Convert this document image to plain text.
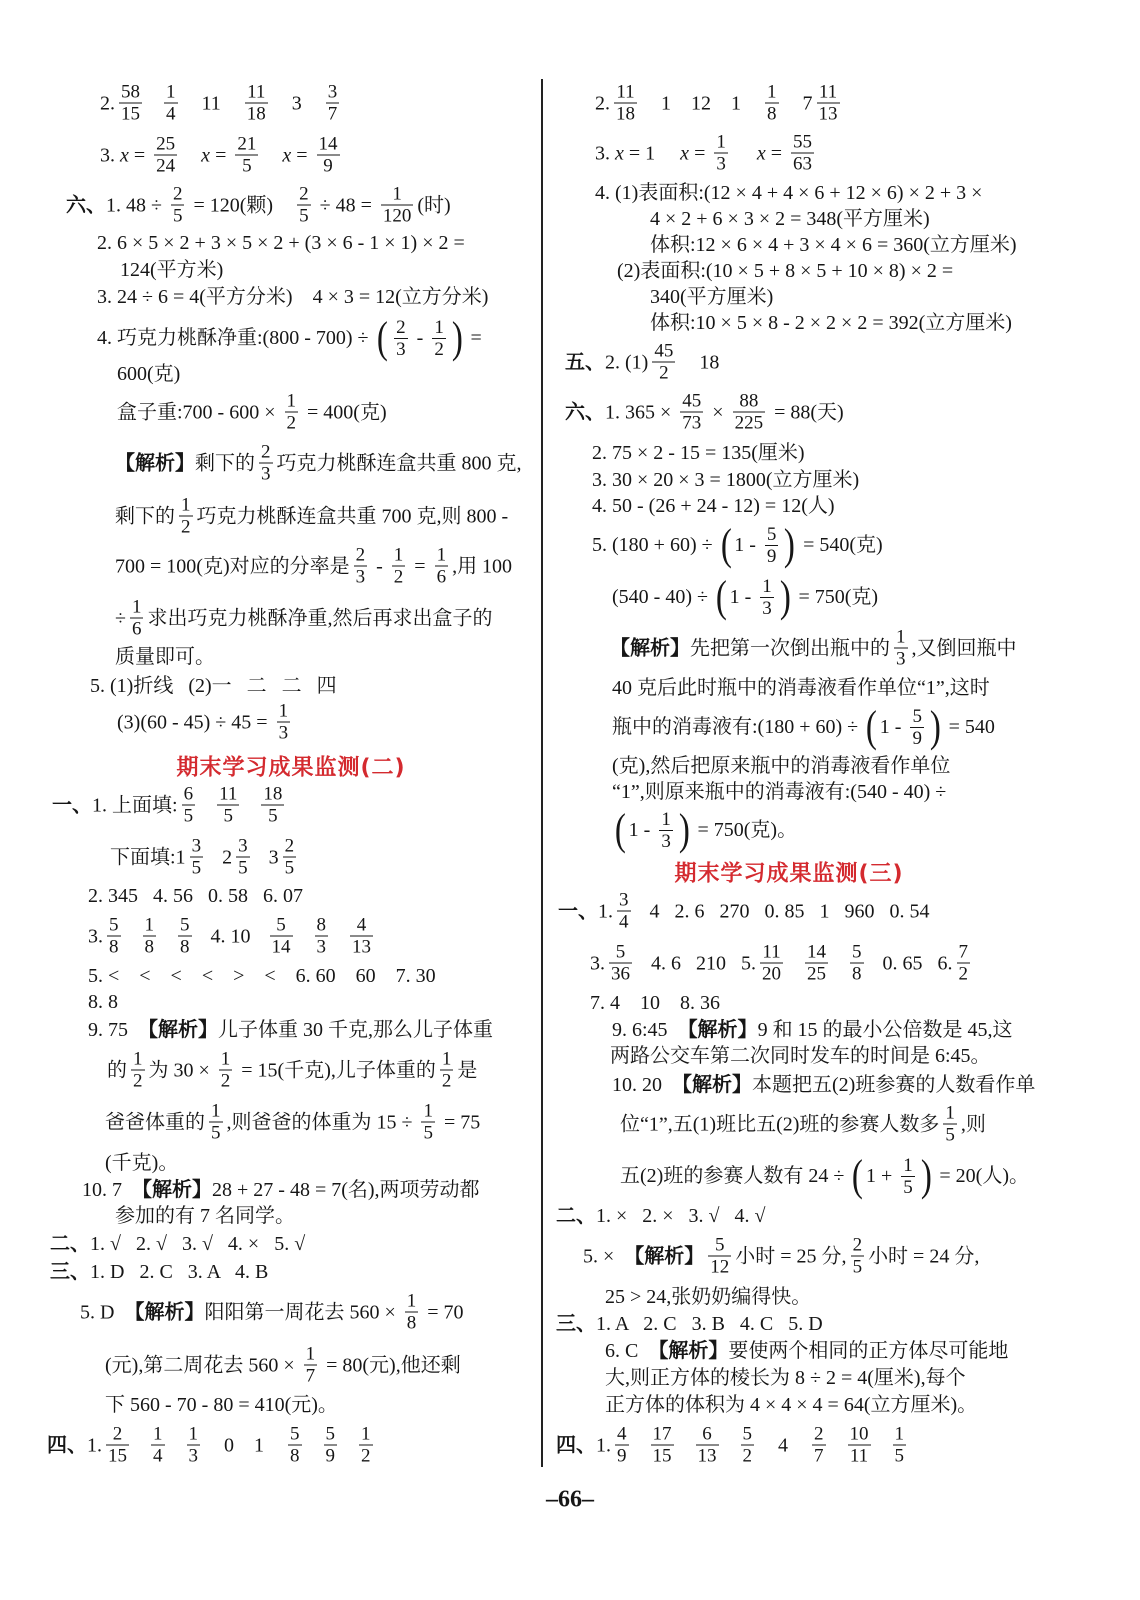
2. $\frac{58}{15} \frac{1}{4} 11 \frac{11}{18} 3 \frac{3}{7}$
3. $x = \frac{25}{24}$
$x = \frac{21}{5}$
$x = \frac{14}{9}$
六、 1. $48 \div \frac{2}{5} = 120$(颗) $\frac{2}{5} \div 48 = \frac{1}{120}$ (时)
2. 6 × 5 × 2 + 3 × 5 × 2 + (3 × 6 - 1 × 1) × 2 =
124(平方米)
3. 24 ÷ 6 = 4(平方分米)    4 × 3 = 12(立方分米)
4. 巧克力桃酥净重:(800 - 700) ÷ ( $\frac{2}{3} - \frac{1}{2}$ ) =
600(克)
盒子重:700 - $600 \times \frac{1}{2} = 400$(克)
【解析】 剩下的 $\frac{2}{3}$ 巧克力桃酥连盒共重 800 克,
剩下的 $\frac{1}{2}$ 巧克力桃酥连盒共重 700 克,则 800 -
700 = 100(克)对应的分率是 $\frac{2}{3} - \frac{1}{2} = \frac{1}{6}$ ,用 100
÷ $\frac{1}{6}$ 求出巧克力桃酥净重,然后再求出盒子的
质量即可。
5. (1)折线   (2)一   二   二   四
$(3)(60 - 45) \div 45 = \frac{1}{3}$
一、 1. 上面填: $\frac{6}{5} \frac{11}{5} \frac{18}{5}$
下面填:1 $\frac{3}{5} 2 \frac{3}{5} 3 \frac{2}{5}$
2. 345   4. 56   0. 58   6. 07
3. $\frac{5}{8} \frac{1}{8} \frac{5}{8} 4$. $10 \frac{5}{14} \frac{8}{3} \frac{4}{13}$
5. <    <    <    <    >    <    6. 60    60    7. 30
8. 8
9. 75 【解析】 儿子体重 30 千克,那么儿子体重
的 $\frac{1}{2}$ 为 $30 \times \frac{1}{2} = 15$(千克),儿子体重的 $\frac{1}{2}$ 是
爸爸体重的 $\frac{1}{5}$ ,则爸爸的体重为 $15 \div \frac{1}{5} = 75$
(千克)。
10. 7 【解析】 28 + 27 - 48 = 7(名),两项劳动都
参加的有 7 名同学。
二、 1. √   2. √   3. √   4. ×   5. √
三、 1. D   2. C   3. A   4. B
5. D 【解析】 阳阳第一周花去 $560 \times \frac{1}{8} = 70$
(元),第二周花去 $560 \times \frac{1}{7} = 80$(元),他还剩
下 560 - 70 - 80 = 410(元)。
四、 1. $\frac{2}{15} \frac{1}{4} \frac{1}{3} 0$    $1 \frac{5}{8} \frac{5}{9} \frac{1}{2}$
2. $\frac{11}{18} 1$    12    $1 \frac{1}{8} 7 \frac{11}{13}$
3. x = 1 $x = \frac{1}{3}$
$x = \frac{55}{63}$
4. (1)表面积:(12 × 4 + 4 × 6 + 12 × 6) × 2 + 3 ×
4 × 2 + 6 × 3 × 2 = 348(平方厘米)
体积:12 × 6 × 4 + 3 × 4 × 6 = 360(立方厘米)
(2)表面积:(10 × 5 + 8 × 5 + 10 × 8) × 2 =
340(平方厘米)
体积:10 × 5 × 8 - 2 × 2 × 2 = 392(立方厘米)
五、 2. $(1) \frac{45}{2} 18$
六、 1. $365 \times \frac{45}{73} \times \frac{88}{225} = 88$(天)
2. 75 × 2 - 15 = 135(厘米)
3. 30 × 20 × 3 = 1800(立方厘米)
4. 50 - (26 + 24 - 12) = 12(人)
5. (180 + 60) ÷ ( $1 - \frac{5}{9}$ ) = 540(克)
(540 - 40) ÷ ( $1 - \frac{1}{3}$ ) = 750(克)
【解析】 先把第一次倒出瓶中的 $\frac{1}{3}$ ,又倒回瓶中
40 克后此时瓶中的消毒液看作单位“1”,这时
瓶中的消毒液有:(180 + 60) ÷ ( $1 - \frac{5}{9}$ ) = 540
(克),然后把原来瓶中的消毒液看作单位
“1”,则原来瓶中的消毒液有:(540 - 40) ÷
( $1 - \frac{1}{3}$ ) = 750(克)。
一、 1. $\frac{3}{4} 4$   2. 6   270   0. 85   1   960   0. 54
3. $\frac{5}{36} 4$. 6   210   5. $\frac{11}{20} \frac{14}{25} \frac{5}{8} 0$. 65   6. $\frac{7}{2}$
7. 4    10    8. 36
9. 6:45 【解析】 9 和 15 的最小公倍数是 45,这
两路公交车第二次同时发车的时间是 6:45。
10. 20 【解析】 本题把五(2)班参赛的人数看作单
位“1”,五(1)班比五(2)班的参赛人数多 $\frac{1}{5}$ ,则
五(2)班的参赛人数有 24 ÷ ( $1 + \frac{1}{5}$ ) = 20(人)。
二、 1. ×   2. ×   3. √   4. √
5. × 【解析】 $\frac{5}{12}$ 小时 = 25 分, $\frac{2}{5}$ 小时 = 24 分,
25 > 24,张奶奶编得快。
三、 1. A   2. C   3. B   4. C   5. D
6. C 【解析】 要使两个相同的正方体尽可能地
大,则正方体的棱长为 8 ÷ 2 = 4(厘米),每个
正方体的体积为 4 × 4 × 4 = 64(立方厘米)。
四、 1. $\frac{4}{9} \frac{17}{15} \frac{6}{13} \frac{5}{2} 4 \frac{2}{7} \frac{10}{11} \frac{1}{5}$
期末学习成果监测(二)
期末学习成果监测(三)
–66–
